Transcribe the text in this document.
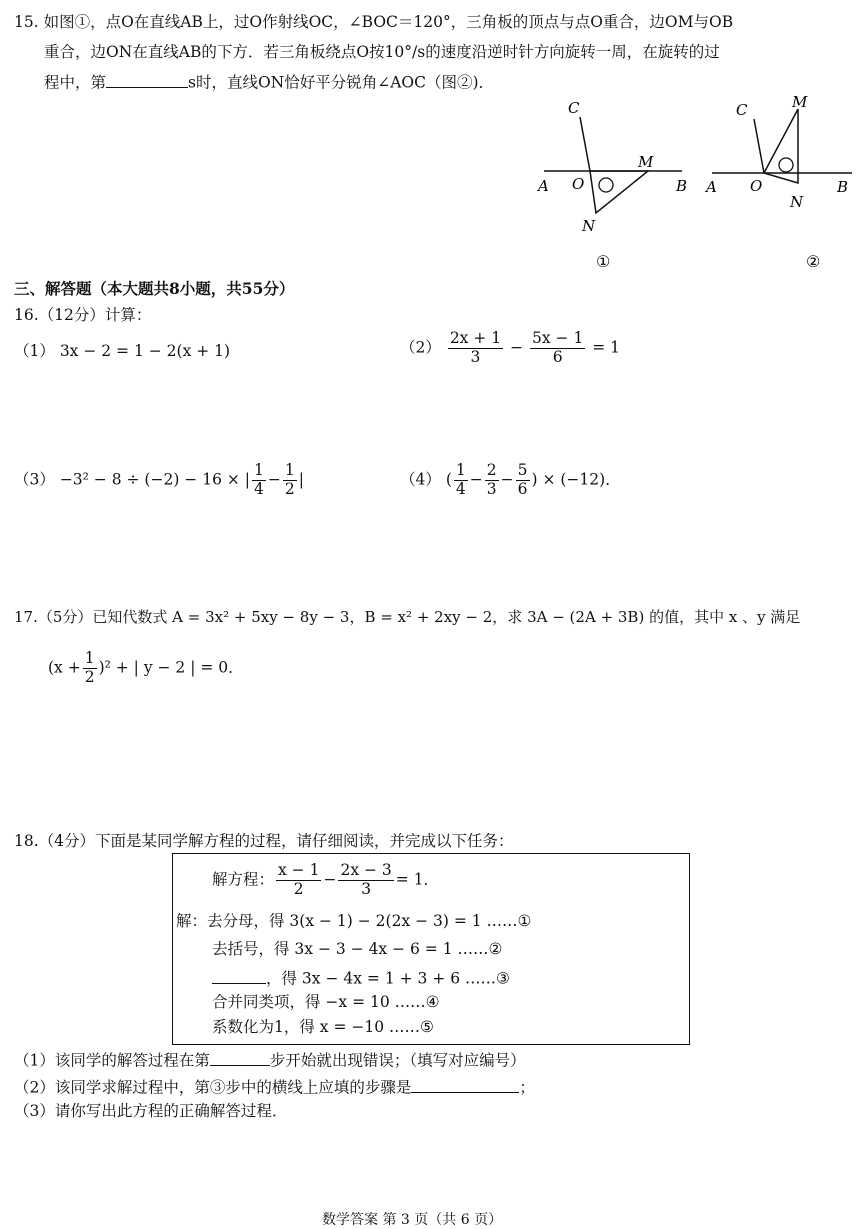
15. 如图①，点O在直线AB上，过O作射线OC，∠BOC＝120°，三角板的顶点与点O重合，边OM与OB
重合，边ON在直线AB的下方．若三角板绕点O按10°/s的速度沿逆时针方向旋转一周，在旋转的过
程中，第	s时，直线ON恰好平分锐角∠AOC（图②)．
C
A O
M
B
N
①
C	M
A O	B
N
②
三、解答题（本大题共8小题，共55分）
16.（12分）计算：
（1） 3x − 2 = 1 − 2(x + 1)	$(2) \frac{2x + 1}{3} - \frac{5x - 1}{6} = 1$
（3） −3² − 8 ÷ (−2) − 16 × | $\frac{1}{4} - \frac{1}{2}$ |	（4） ( $\frac{1}{4} - \frac{2}{3} - \frac{5}{6}$ ) × (−12)．
17.（5分）已知代数式 A = 3x² + 5xy − 8y − 3，B = x² + 2xy − 2，求 3A − (2A + 3B) 的值，其中 x 、y 满足
$(x + \frac{1}{2} )^2$ + | y − 2 | = 0．
18.（4分）下面是某同学解方程的过程，请仔细阅读，并完成以下任务：
解方程： $\frac{x - 1}{2} - \frac{2x - 3}{3} = 1$．
解：去分母，得 3(x − 1) − 2(2x − 3) = 1 ……①
去括号，得 3x − 3 − 4x − 6 = 1 ……②
，得 3x − 4x = 1 + 3 + 6 ……③
合并同类项，得 −x = 10 ……④
系数化为1，得 x = −10 ……⑤
（1）该同学的解答过程在第	步开始就出现错误；（填写对应编号）
（2）该同学求解过程中，第③步中的横线上应填的步骤是	；
（3）请你写出此方程的正确解答过程．
数学答案 第 3 页（共 6 页）
